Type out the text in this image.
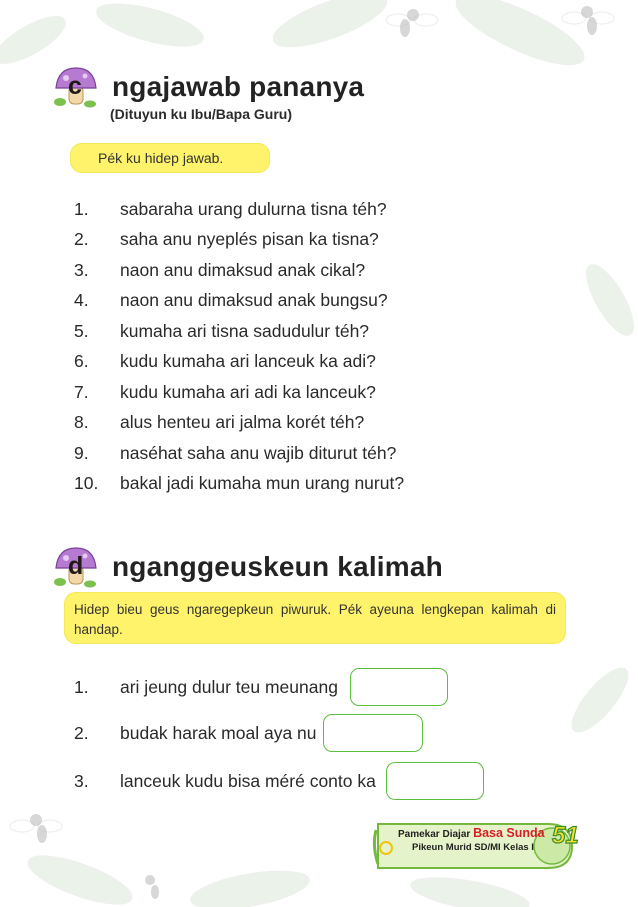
c ngajawab pananya
(Dituyun ku Ibu/Bapa Guru)
Pék ku hidep jawab.
1.	sabaraha urang dulurna tisna téh?
2.	saha anu nyeplés pisan ka tisna?
3.	naon anu dimaksud anak cikal?
4.	naon anu dimaksud anak bungsu?
5.	kumaha ari tisna sadudulur téh?
6.	kudu kumaha ari lanceuk ka adi?
7.	kudu kumaha ari adi ka lanceuk?
8.	alus henteu ari jalma korét téh?
9.	naséhat saha anu wajib diturut téh?
10.	bakal jadi kumaha mun urang nurut?
d nganggeuskeun kalimah
Hidep bieu geus ngaregepkeun piwuruk. Pék ayeuna lengkepan kalimah di handap.
1.	ari jeung dulur teu meunang
2.	budak harak moal aya nu
3.	lanceuk kudu bisa méré conto ka
Pamekar Diajar Basa Sunda
Pikeun Murid SD/MI Kelas I 51
